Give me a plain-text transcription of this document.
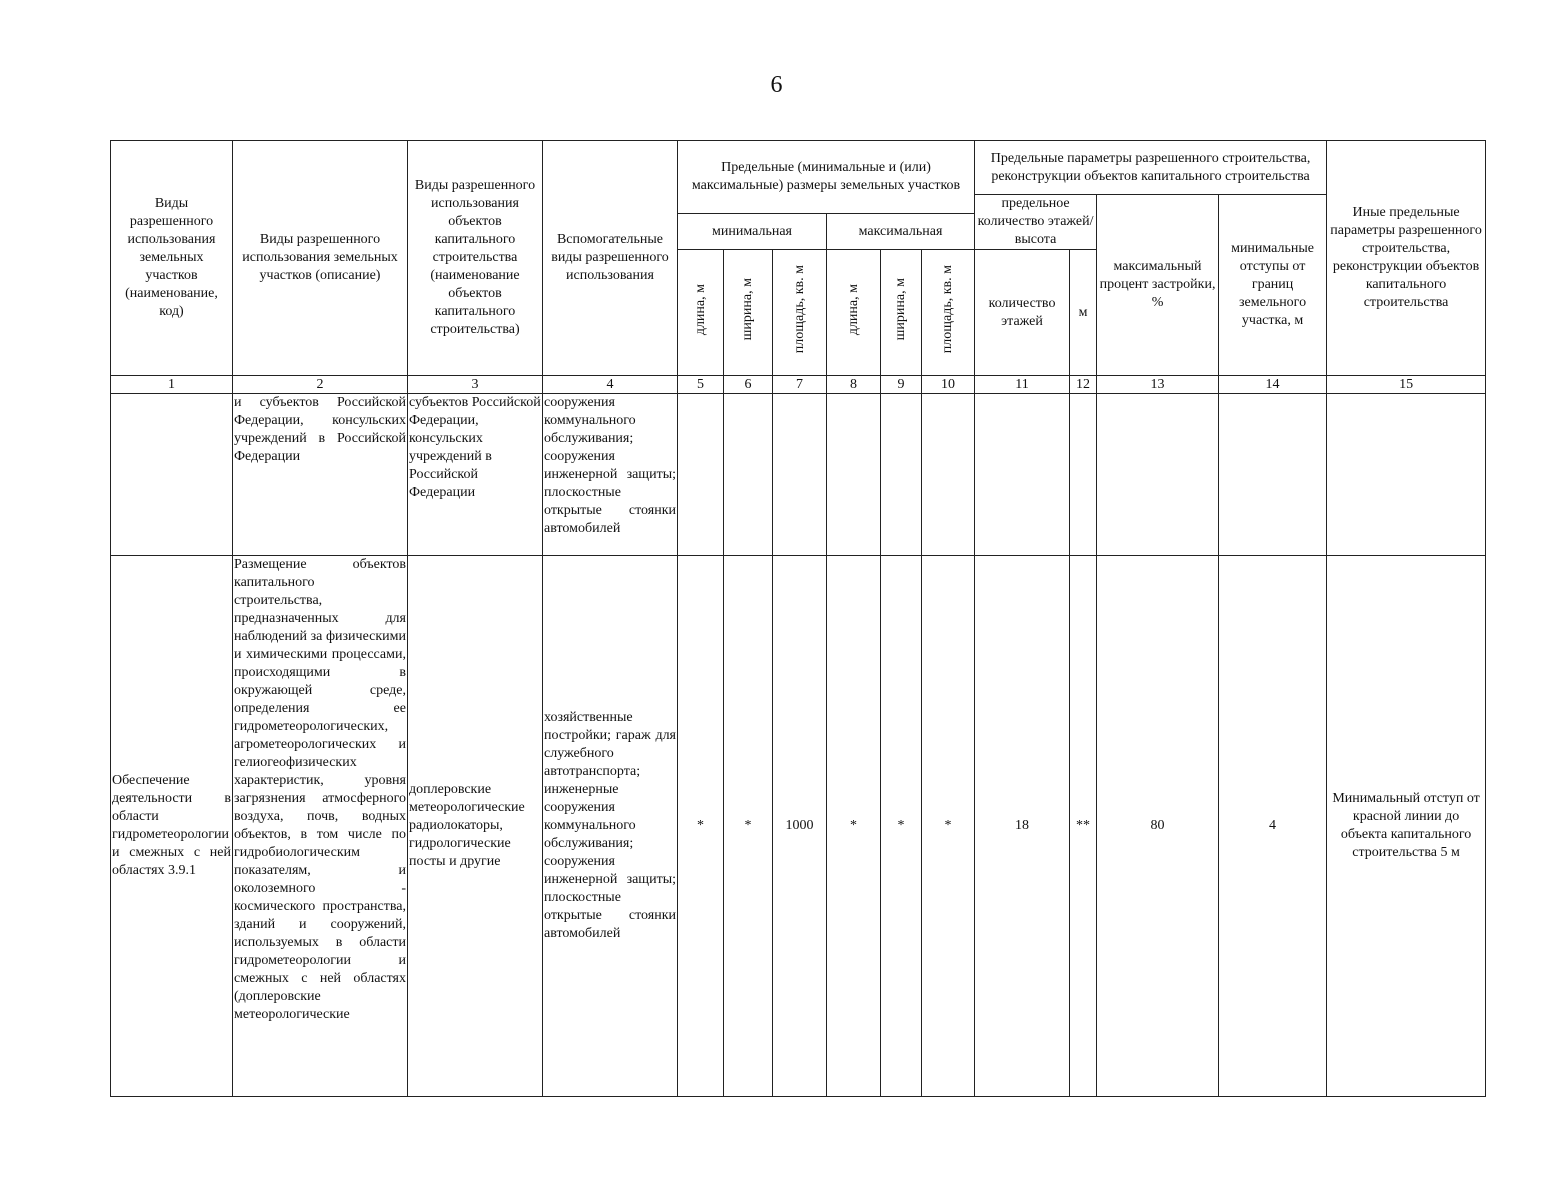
6
Виды разрешенного использования земельных участков (наименование, код)	Виды разрешенного использования земельных участков (описание)	Виды разрешенного использования объектов капитального строительства (наименование объектов капитального строительства)	Вспомогательные виды разрешенного использования	Предельные (минимальные и (или) максимальные) размеры земельных участков						Предельные параметры разрешенного строительства, реконструкции объектов капитального строительства				Иные предельные параметры разрешенного строительства, реконструкции объектов капитального строительства
										предельное количество этажей/высота		максимальный процент застройки, %	минимальные отступы от границ земельного участка, м	
				минимальная			максимальная							
				длина, м	ширина, м	площадь, кв. м	длина, м	ширина, м	площадь, кв. м	количество этажей	м			
1	2	3	4	5	6	7	8	9	10	11	12	13	14	15
	и субъектов Российской Федерации, консульских учреждений в Российской Федерации	субъектов Российской Федерации, консульских учреждений в Российской Федерации	сооружения коммунального обслуживания; сооружения инженерной защиты; плоскостные открытые стоянки автомобилей											
Обеспечение деятельности в области гидрометеорологии и смежных с ней областях 3.9.1	Размещение объектов капитального строительства, предназначенных для наблюдений за физическими и химическими процессами, происходящими в окружающей среде, определения ее гидрометеорологических, агрометеорологических и гелиогеофизических характеристик, уровня загрязнения атмосферного воздуха, почв, водных объектов, в том числе по гидробиологическим показателям, и околоземного - космического пространства, зданий и сооружений, используемых в области гидрометеорологии и смежных с ней областях (доплеровские метеорологические	доплеровские метеорологические радиолокаторы, гидрологические посты и другие	хозяйственные постройки; гараж для служебного автотранспорта; инженерные сооружения коммунального обслуживания; сооружения инженерной защиты; плоскостные открытые стоянки автомобилей	*	*	1000	*	*	*	18	**	80	4	Минимальный отступ от красной линии до объекта капитального строительства 5 м
